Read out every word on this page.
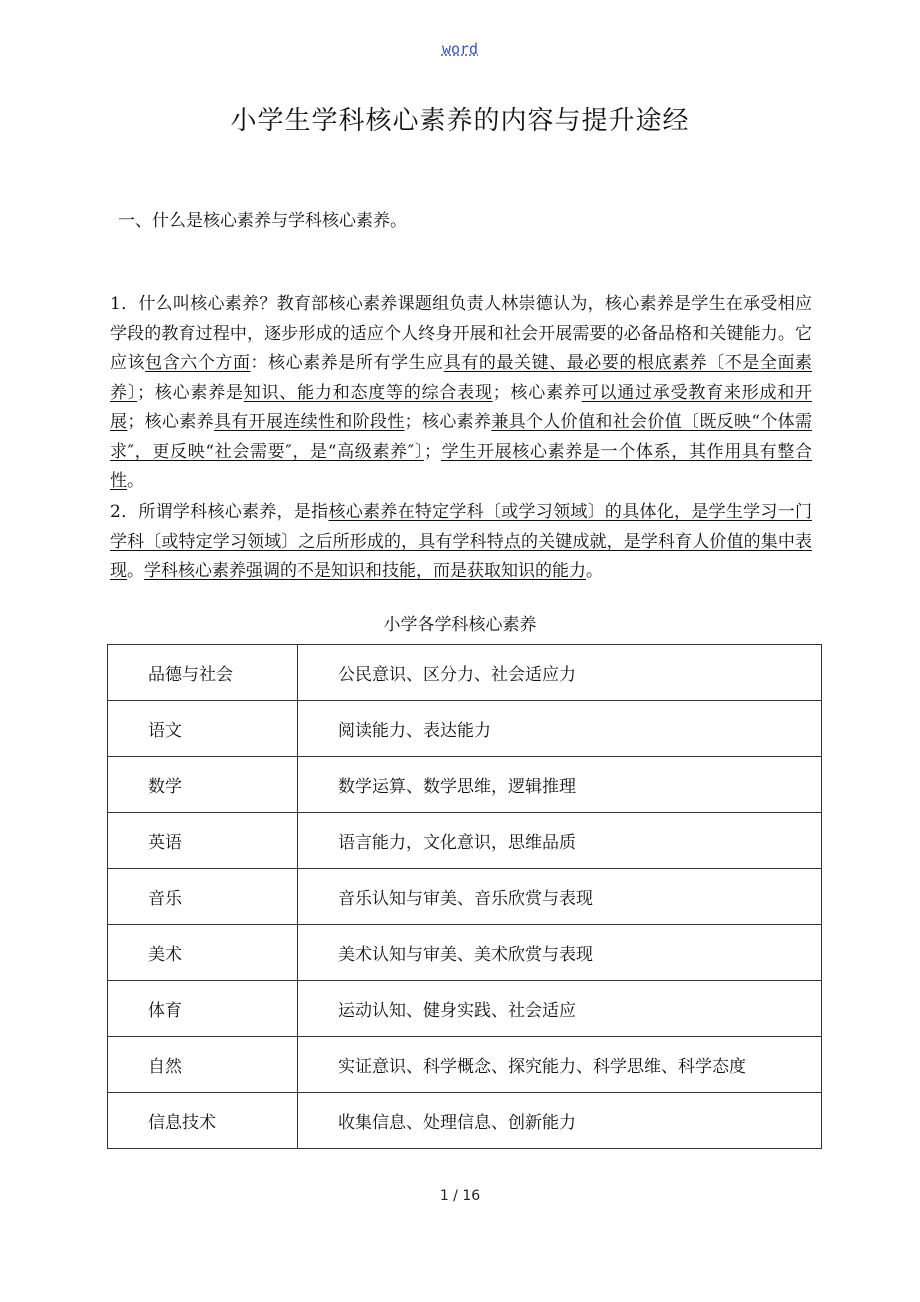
word
小学生学科核心素养的内容与提升途经
一、什么是核心素养与学科核心素养。

1．什么叫核心素养？教育部核心素养课题组负责人林崇德认为，核心素养是学生在承受相应学段的教育过程中，逐步形成的适应个人终身开展和社会开展需要的必备品格和关键能力。它应该包含六个方面：核心素养是所有学生应具有的最关键、最必要的根底素养〔不是全面素养〕；核心素养是知识、能力和态度等的综合表现；核心素养可以通过承受教育来形成和开展；核心素养具有开展连续性和阶段性；核心素养兼具个人价值和社会价值〔既反映“个体需求″，更反映“社会需要″，是“高级素养″〕；学生开展核心素养是一个体系，其作用具有整合性。

2．所谓学科核心素养，是指核心素养在特定学科〔或学习领域〕的具体化，是学生学习一门学科〔或特定学习领域〕之后所形成的，具有学科特点的关键成就，是学科育人价值的集中表现。学科核心素养强调的不是知识和技能，而是获取知识的能力。

小学各学科核心素养
品德与社会	公民意识、区分力、社会适应力
语文	阅读能力、表达能力
数学	数学运算、数学思维，逻辑推理
英语	语言能力，文化意识，思维品质
音乐	音乐认知与审美、音乐欣赏与表现
美术	美术认知与审美、美术欣赏与表现
体育	运动认知、健身实践、社会适应
自然	实证意识、科学概念、探究能力、科学思维、科学态度
信息技术	收集信息、处理信息、创新能力
1 / 16
